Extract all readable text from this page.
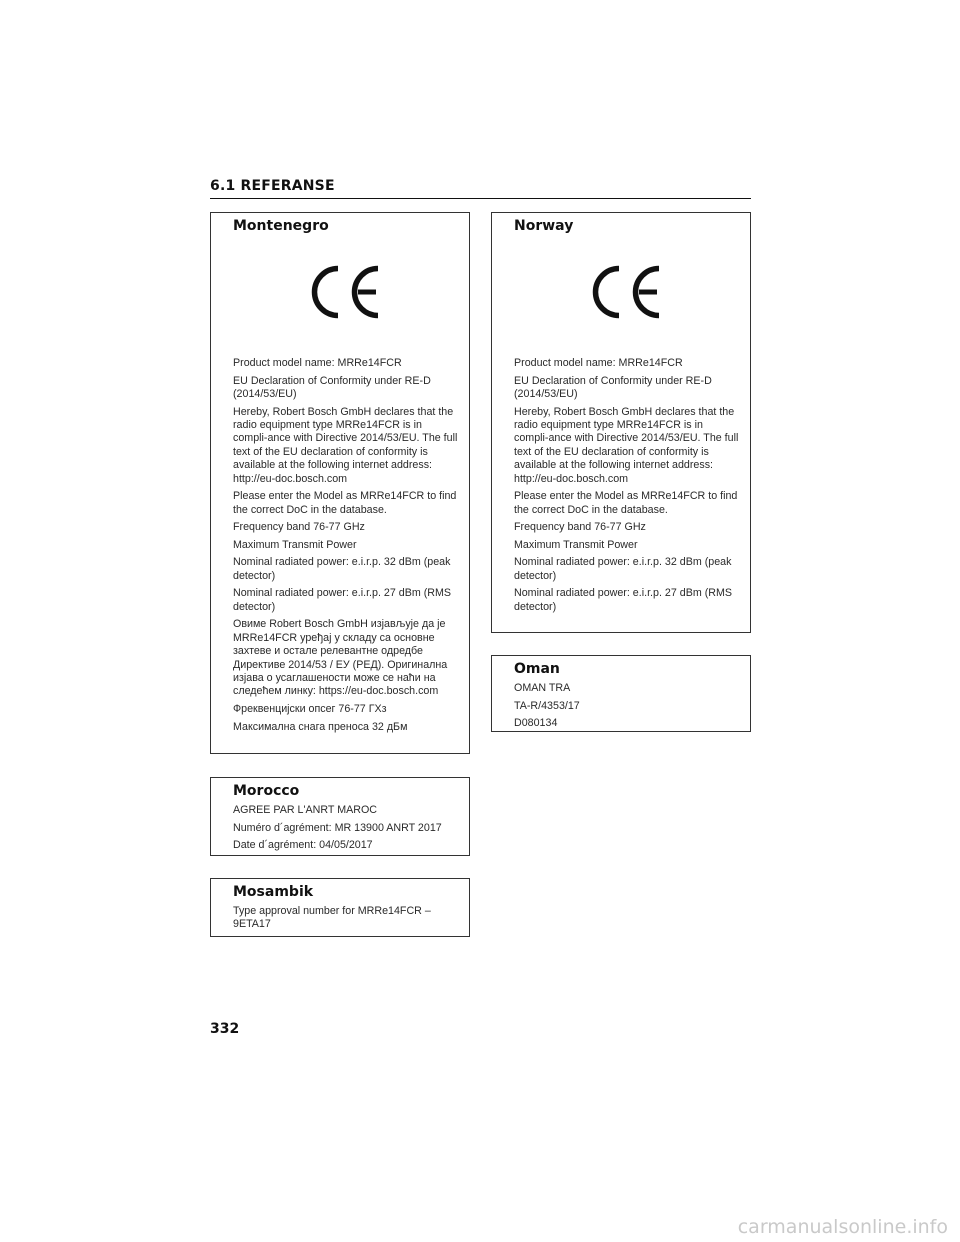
6.1 REFERANSE
Montenegro

Product model name: MRRe14FCR

EU Declaration of Conformity under RE-D (2014/53/EU)

Hereby, Robert Bosch GmbH declares that the radio equipment type MRRe14FCR is in compli-ance with Directive 2014/53/EU. The full text of the EU declaration of conformity is available at the following internet address: http://eu-doc.bosch.com

Please enter the Model as MRRe14FCR to find the correct DoC in the database.

Frequency band 76-77 GHz

Maximum Transmit Power

Nominal radiated power: e.i.r.p. 32 dBm (peak detector)

Nominal radiated power: e.i.r.p. 27 dBm (RMS detector)

Овиме Robert Bosch GmbH изјављује да је MRRe14FCR уређај у складу са основне захтеве и остале релевантне одредбе Директиве 2014/53 / ЕУ (РЕД). Оригинална изјава о усаглашености може се наћи на следећем линку: https://eu-doc.bosch.com

Фреквенцијски опсег 76-77 ГХз

Максимална снага преноса 32 дБм

Norway

Product model name: MRRe14FCR

EU Declaration of Conformity under RE-D (2014/53/EU)

Hereby, Robert Bosch GmbH declares that the radio equipment type MRRe14FCR is in compli-ance with Directive 2014/53/EU. The full text of the EU declaration of conformity is available at the following internet address: http://eu-doc.bosch.com

Please enter the Model as MRRe14FCR to find the correct DoC in the database.

Frequency band 76-77 GHz

Maximum Transmit Power

Nominal radiated power: e.i.r.p. 32 dBm (peak detector)

Nominal radiated power: e.i.r.p. 27 dBm (RMS detector)

Oman

OMAN TRA

TA-R/4353/17

D080134

Morocco

AGREE PAR L'ANRT MAROC

Numéro d´agrément: MR 13900 ANRT 2017

Date d´agrément: 04/05/2017

Mosambik

Type approval number for MRRe14FCR – 9ETA17

332
carmanualsonline.info
